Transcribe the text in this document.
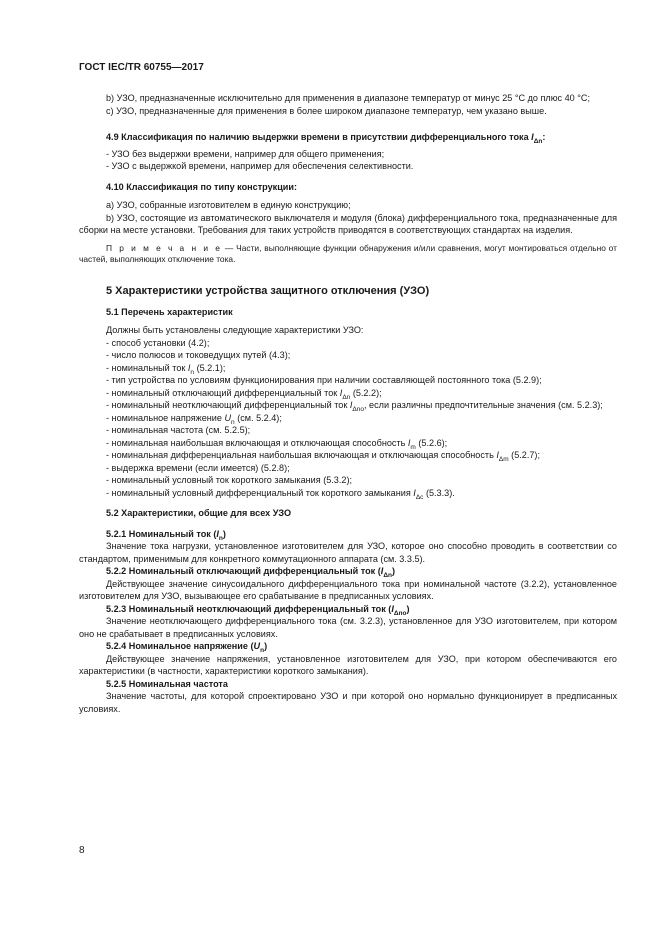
ГОСТ IEC/TR 60755—2017

b) УЗО, предназначенные исключительно для применения в диапазоне температур от минус 25 °C до плюс 40 °C;

c) УЗО, предназначенные для применения в более широком диапазоне температур, чем указано выше.

4.9 Классификация по наличию выдержки времени в присутствии дифференциального тока $I_{\Delta n}$:

- УЗО без выдержки времени, например для общего применения;

- УЗО с выдержкой времени, например для обеспечения селективности.

4.10 Классификация по типу конструкции:

a) УЗО, собранные изготовителем в единую конструкцию;

b) УЗО, состоящие из автоматического выключателя и модуля (блока) дифференциального тока, предназначенные для сборки на месте установки. Требования для таких устройств приводятся в соответствующих стандартах на изделия.

П р и м е ч а н и е — Части, выполняющие функции обнаружения и/или сравнения, могут монтироваться отдельно от частей, выполняющих отключение тока.

5 Характеристики устройства защитного отключения (УЗО)

5.1 Перечень характеристик

Должны быть установлены следующие характеристики УЗО:

- способ установки (4.2);

- число полюсов и токоведущих путей (4.3);

- номинальный ток $I_n$ (5.2.1);

- тип устройства по условиям функционирования при наличии составляющей постоянного тока (5.2.9);

- номинальный отключающий дифференциальный ток $I_{\Delta n}$ (5.2.2);

- номинальный неотключающий дифференциальный ток $I_{\Delta no}$, если различны предпочтительные значения (см. 5.2.3);

- номинальное напряжение $U_n$ (см. 5.2.4);

- номинальная частота (см. 5.2.5);

- номинальная наибольшая включающая и отключающая способность $I_m$ (5.2.6);

- номинальная дифференциальная наибольшая включающая и отключающая способность $I_{\Delta m}$ (5.2.7);

- выдержка времени (если имеется) (5.2.8);

- номинальный условный ток короткого замыкания (5.3.2);

- номинальный условный дифференциальный ток короткого замыкания $I_{\Delta c}$ (5.3.3).

5.2 Характеристики, общие для всех УЗО

5.2.1 Номинальный ток $(I_n)$

Значение тока нагрузки, установленное изготовителем для УЗО, которое оно способно проводить в соответствии со стандартом, применимым для конкретного коммутационного аппарата (см. 3.3.5).

5.2.2 Номинальный отключающий дифференциальный ток $(I_{\Delta n})$

Действующее значение синусоидального дифференциального тока при номинальной частоте (3.2.2), установленное изготовителем для УЗО, вызывающее его срабатывание в предписанных условиях.

5.2.3 Номинальный неотключающий дифференциальный ток $(I_{\Delta no})$

Значение неотключающего дифференциального тока (см. 3.2.3), установленное для УЗО изготовителем, при котором оно не срабатывает в предписанных условиях.

5.2.4 Номинальное напряжение $(U_n)$

Действующее значение напряжения, установленное изготовителем для УЗО, при котором обеспечиваются его характеристики (в частности, характеристики короткого замыкания).

5.2.5 Номинальная частота

Значение частоты, для которой спроектировано УЗО и при которой оно нормально функционирует в предписанных условиях.

8
